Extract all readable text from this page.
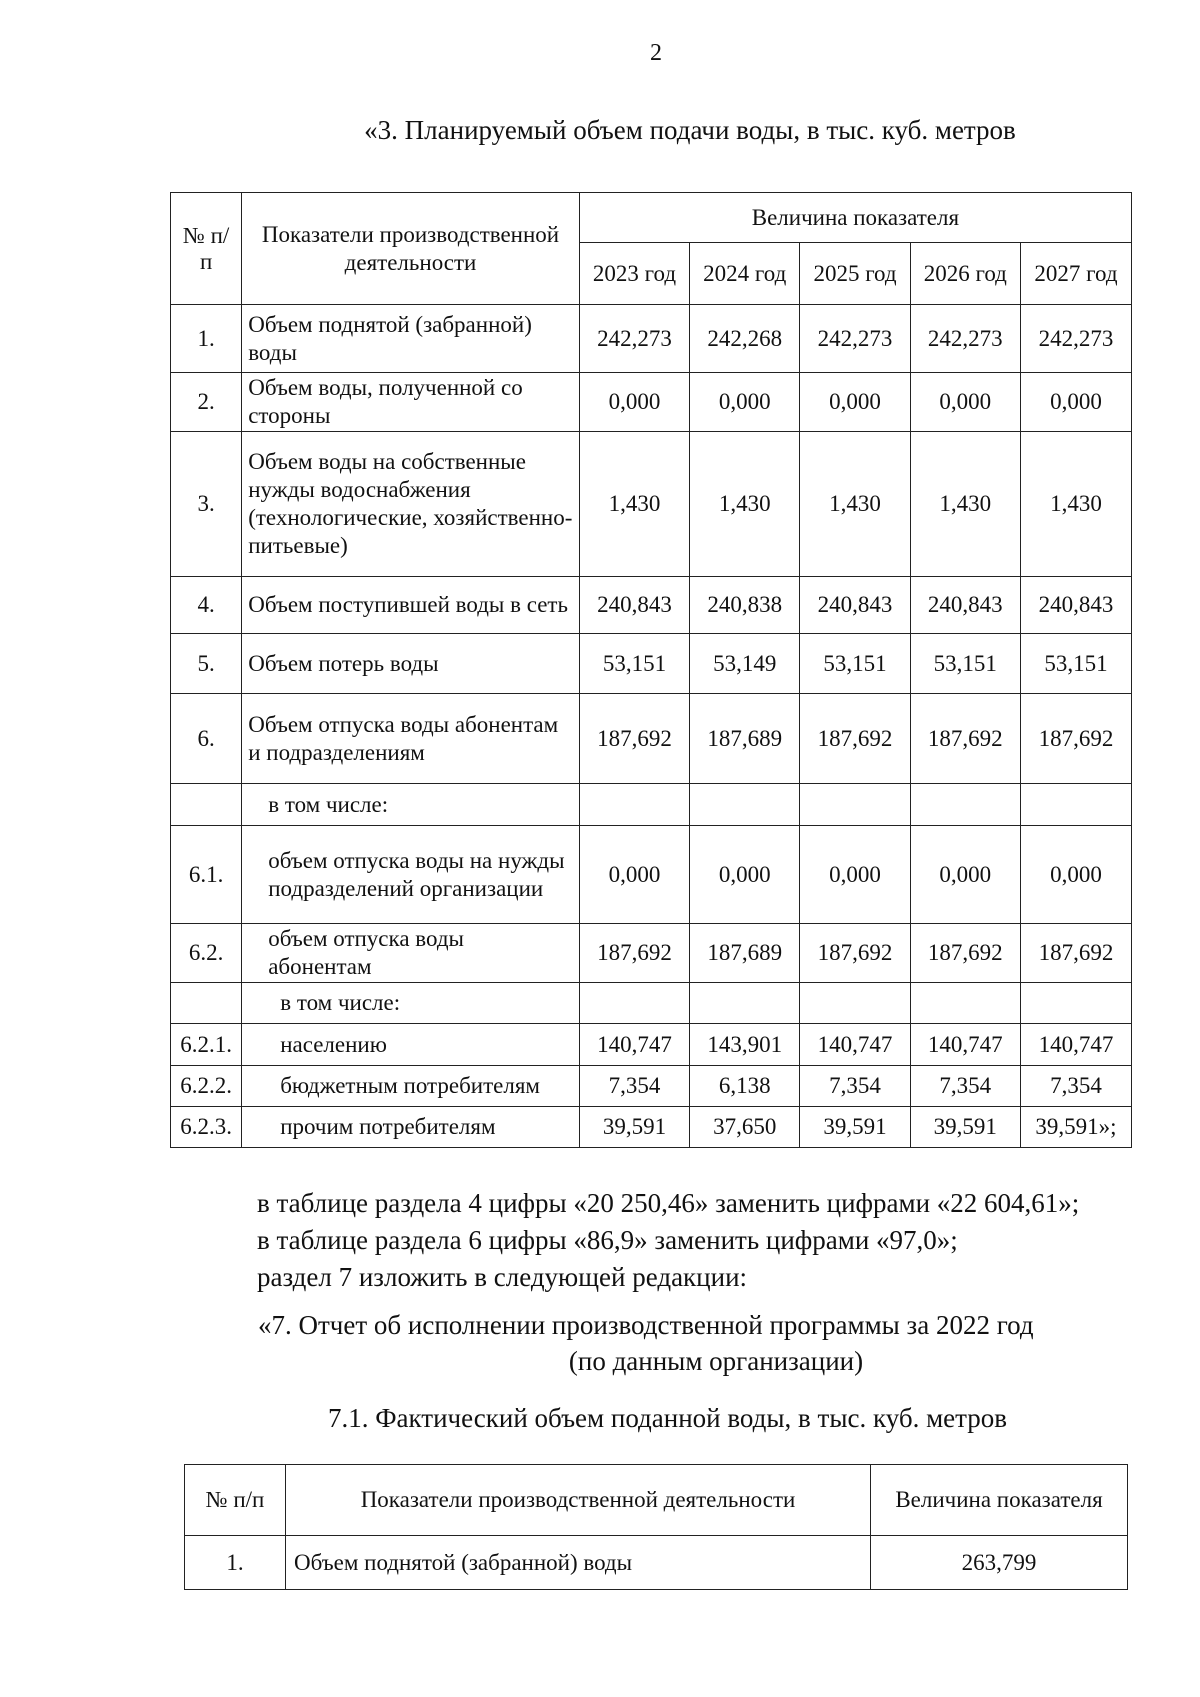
2
«3. Планируемый объем подачи воды, в тыс. куб. метров
№ п/п	Показатели производственной деятельности	Величина показателя				
		2023 год	2024 год	2025 год	2026 год	2027 год
1.	Объем поднятой (забранной) воды	242,273	242,268	242,273	242,273	242,273
2.	Объем воды, полученной со стороны	0,000	0,000	0,000	0,000	0,000
3.	Объем воды на собственные нужды водоснабжения (технологические, хозяйственно-питьевые)	1,430	1,430	1,430	1,430	1,430
4.	Объем поступившей воды в сеть	240,843	240,838	240,843	240,843	240,843
5.	Объем потерь воды	53,151	53,149	53,151	53,151	53,151
6.	Объем отпуска воды абонентам и подразделениям	187,692	187,689	187,692	187,692	187,692
	в том числе:					
6.1.	объем отпуска воды на нужды подразделений организации	0,000	0,000	0,000	0,000	0,000
6.2.	объем отпуска воды абонентам	187,692	187,689	187,692	187,692	187,692
	в том числе:					
6.2.1.	населению	140,747	143,901	140,747	140,747	140,747
6.2.2.	бюджетным потребителям	7,354	6,138	7,354	7,354	7,354
6.2.3.	прочим потребителям	39,591	37,650	39,591	39,591	39,591»;
в таблице раздела 4 цифры «20 250,46» заменить цифрами «22 604,61»;
в таблице раздела 6 цифры «86,9» заменить цифрами «97,0»;
раздел 7 изложить в следующей редакции:
«7. Отчет об исполнении производственной программы за 2022 год
(по данным организации)
7.1. Фактический объем поданной воды, в тыс. куб. метров
№ п/п	Показатели производственной деятельности	Величина показателя
1.	Объем поднятой (забранной) воды	263,799
